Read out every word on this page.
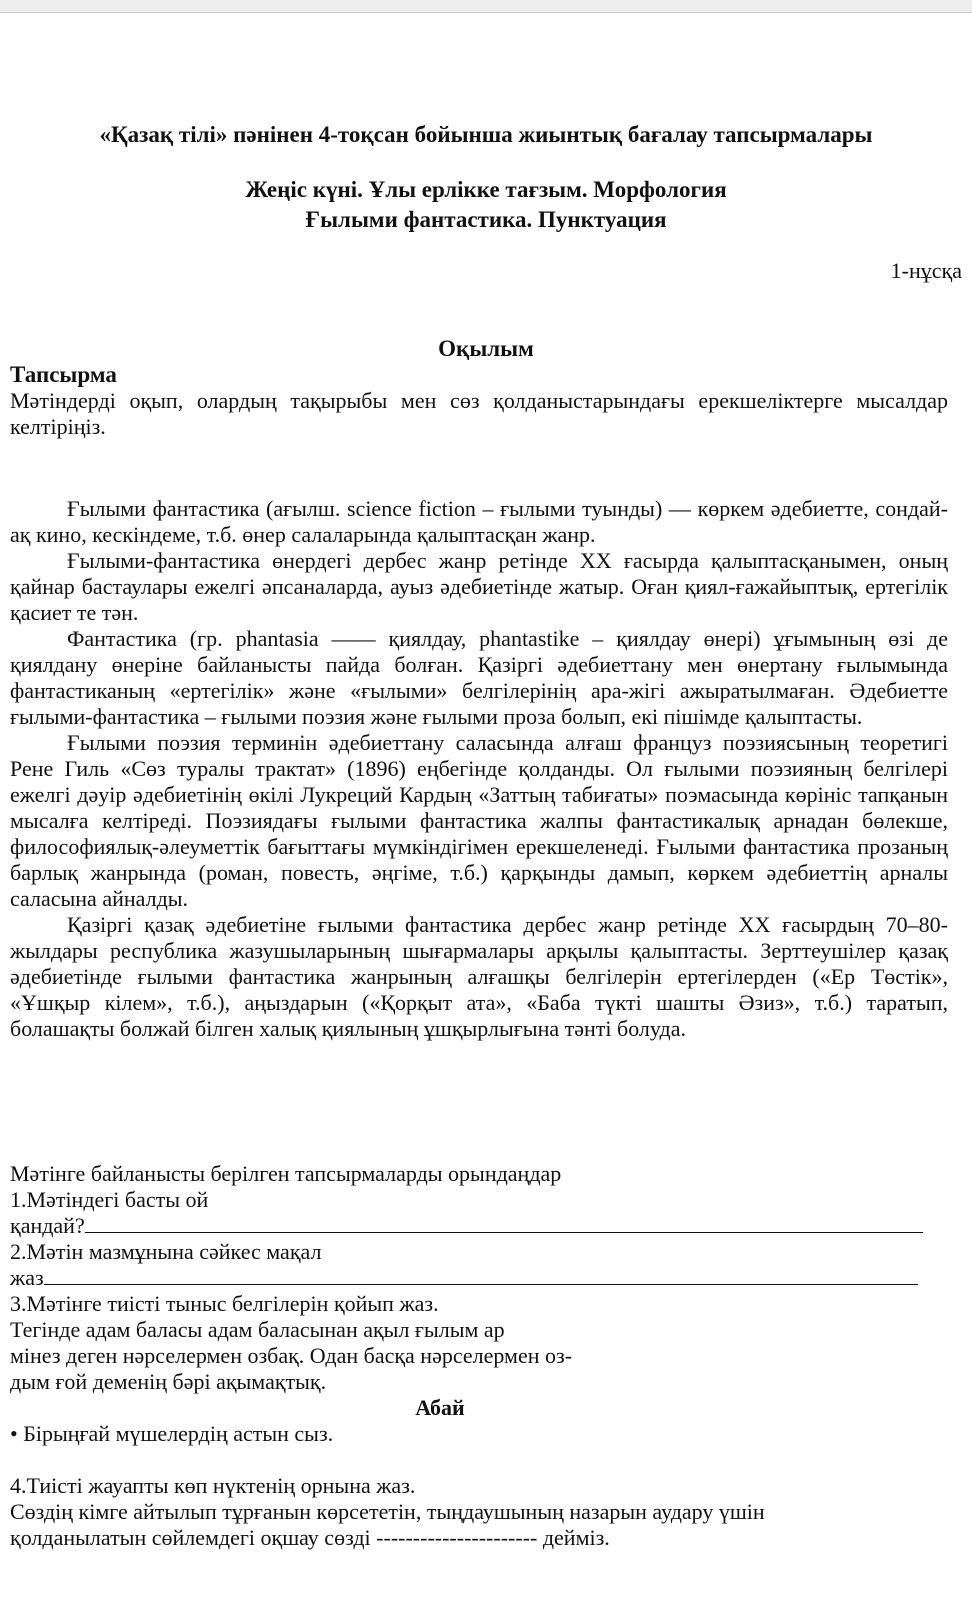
«Қазақ тілі» пәнінен 4-тоқсан бойынша жиынтық бағалау тапсырмалары
Жеңіс күні. Ұлы ерлікке тағзым. Морфология
Ғылыми фантастика. Пунктуация
1-нұсқа
Оқылым
Тапсырма
Мәтіндерді оқып, олардың тақырыбы мен сөз қолданыстарындағы ерекшеліктерге мысалдар келтіріңіз.

Ғылыми фантастика (ағылш. science fiction – ғылыми туынды) — көркем әдебиетте, сондай-ақ кино, кескіндеме, т.б. өнер салаларында қалыптасқан жанр.

Ғылыми-фантастика өнердегі дербес жанр ретінде XX ғасырда қалыптасқанымен, оның қайнар бастаулары ежелгі әпсаналарда, ауыз әдебиетінде жатыр. Оған қиял-ғажайыптық, ертегілік қасиет те тән.

Фантастика (гр. phantasia —— қиялдау, phantastike – қиялдау өнері) ұғымының өзі де қиялдану өнеріне байланысты пайда болған. Қазіргі әдебиеттану мен өнертану ғылымында фантастиканың «ертегілік» және «ғылыми» белгілерінің ара-жігі ажыратылмаған. Әдебиетте ғылыми-фантастика – ғылыми поэзия және ғылыми проза болып, екі пішімде қалыптасты.

Ғылыми поэзия терминін әдебиеттану саласында алғаш француз поэзиясының теоретигі Рене Гиль «Сөз туралы трактат» (1896) еңбегінде қолданды. Ол ғылыми поэзияның белгілері ежелгі дәуір әдебиетінің өкілі Лукреций Кардың «Заттың табиғаты» поэмасында көрініс тапқанын мысалға келтіреді. Поэзиядағы ғылыми фантастика жалпы фантастикалық арнадан бөлекше, философиялық-әлеуметтік бағыттағы мүмкіндігімен ерекшеленеді. Ғылыми фантастика прозаның барлық жанрында (роман, повесть, әңгіме, т.б.) қарқынды дамып, көркем әдебиеттің арналы саласына айналды.

Қазіргі қазақ әдебиетіне ғылыми фантастика дербес жанр ретінде XX ғасырдың 70–80-жылдары республика жазушыларының шығармалары арқылы қалыптасты. Зерттеушілер қазақ әдебиетінде ғылыми фантастика жанрының алғашқы белгілерін ертегілерден («Ер Төстік», «Ұшқыр кілем», т.б.), аңыздарын («Қорқыт ата», «Баба түкті шашты Әзиз», т.б.) таратып, болашақты болжай білген халық қиялының ұшқырлығына тәнті болуда.

Мәтінге байланысты берілген тапсырмаларды орындаңдар
1.Мәтіндегі басты ой
қандай?
2.Мәтін мазмұнына сәйкес мақал
жаз
3.Мәтінге тиісті тыныс белгілерін қойып жаз.
Тегінде адам баласы адам баласынан ақыл ғылым ар
мінез деген нәрселермен озбақ. Одан басқа нәрселермен оз-
дым ғой деменің бәрі ақымақтық.
Абай
• Бірыңғай мүшелердің астын сыз.
4.Тиісті жауапты көп нүктенің орнына жаз.
Сөздің кімге айтылып тұрғанын көрсететін, тыңдаушының назарын аудару үшін
қолданылатын сөйлемдегі оқшау сөзді ---------------------- дейміз.
